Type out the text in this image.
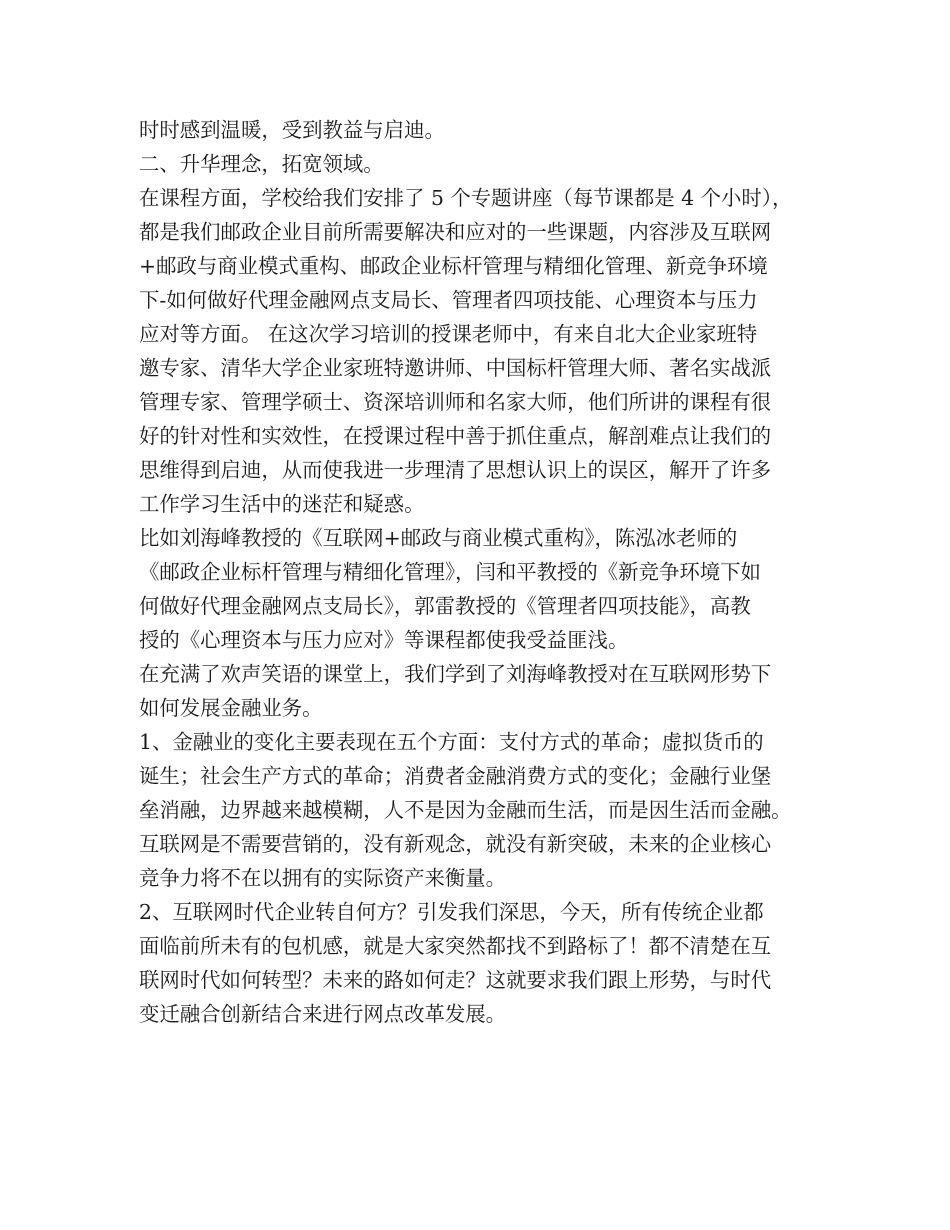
时时感到温暖，受到教益与启迪。
二、升华理念，拓宽领域。
在课程方面，学校给我们安排了 5 个专题讲座（每节课都是 4 个小时），
都是我们邮政企业目前所需要解决和应对的一些课题，内容涉及互联网
+邮政与商业模式重构、邮政企业标杆管理与精细化管理、新竞争环境
下-如何做好代理金融网点支局长、管理者四项技能、心理资本与压力
应对等方面。 在这次学习培训的授课老师中，有来自北大企业家班特
邀专家、清华大学企业家班特邀讲师、中国标杆管理大师、著名实战派
管理专家、管理学硕士、资深培训师和名家大师，他们所讲的课程有很
好的针对性和实效性，在授课过程中善于抓住重点，解剖难点让我们的
思维得到启迪，从而使我进一步理清了思想认识上的误区，解开了许多
工作学习生活中的迷茫和疑惑。
比如刘海峰教授的《互联网+邮政与商业模式重构》，陈泓冰老师的
《邮政企业标杆管理与精细化管理》，闫和平教授的《新竞争环境下如
何做好代理金融网点支局长》，郭雷教授的《管理者四项技能》，高教
授的《心理资本与压力应对》等课程都使我受益匪浅。
在充满了欢声笑语的课堂上，我们学到了刘海峰教授对在互联网形势下
如何发展金融业务。
1、金融业的变化主要表现在五个方面：支付方式的革命；虚拟货币的
诞生；社会生产方式的革命；消费者金融消费方式的变化；金融行业堡
垒消融，边界越来越模糊，人不是因为金融而生活，而是因生活而金融。
互联网是不需要营销的，没有新观念，就没有新突破，未来的企业核心
竞争力将不在以拥有的实际资产来衡量。
2、互联网时代企业转自何方？引发我们深思，今天，所有传统企业都
面临前所未有的包机感，就是大家突然都找不到路标了！都不清楚在互
联网时代如何转型？未来的路如何走？这就要求我们跟上形势，与时代
变迁融合创新结合来进行网点改革发展。
